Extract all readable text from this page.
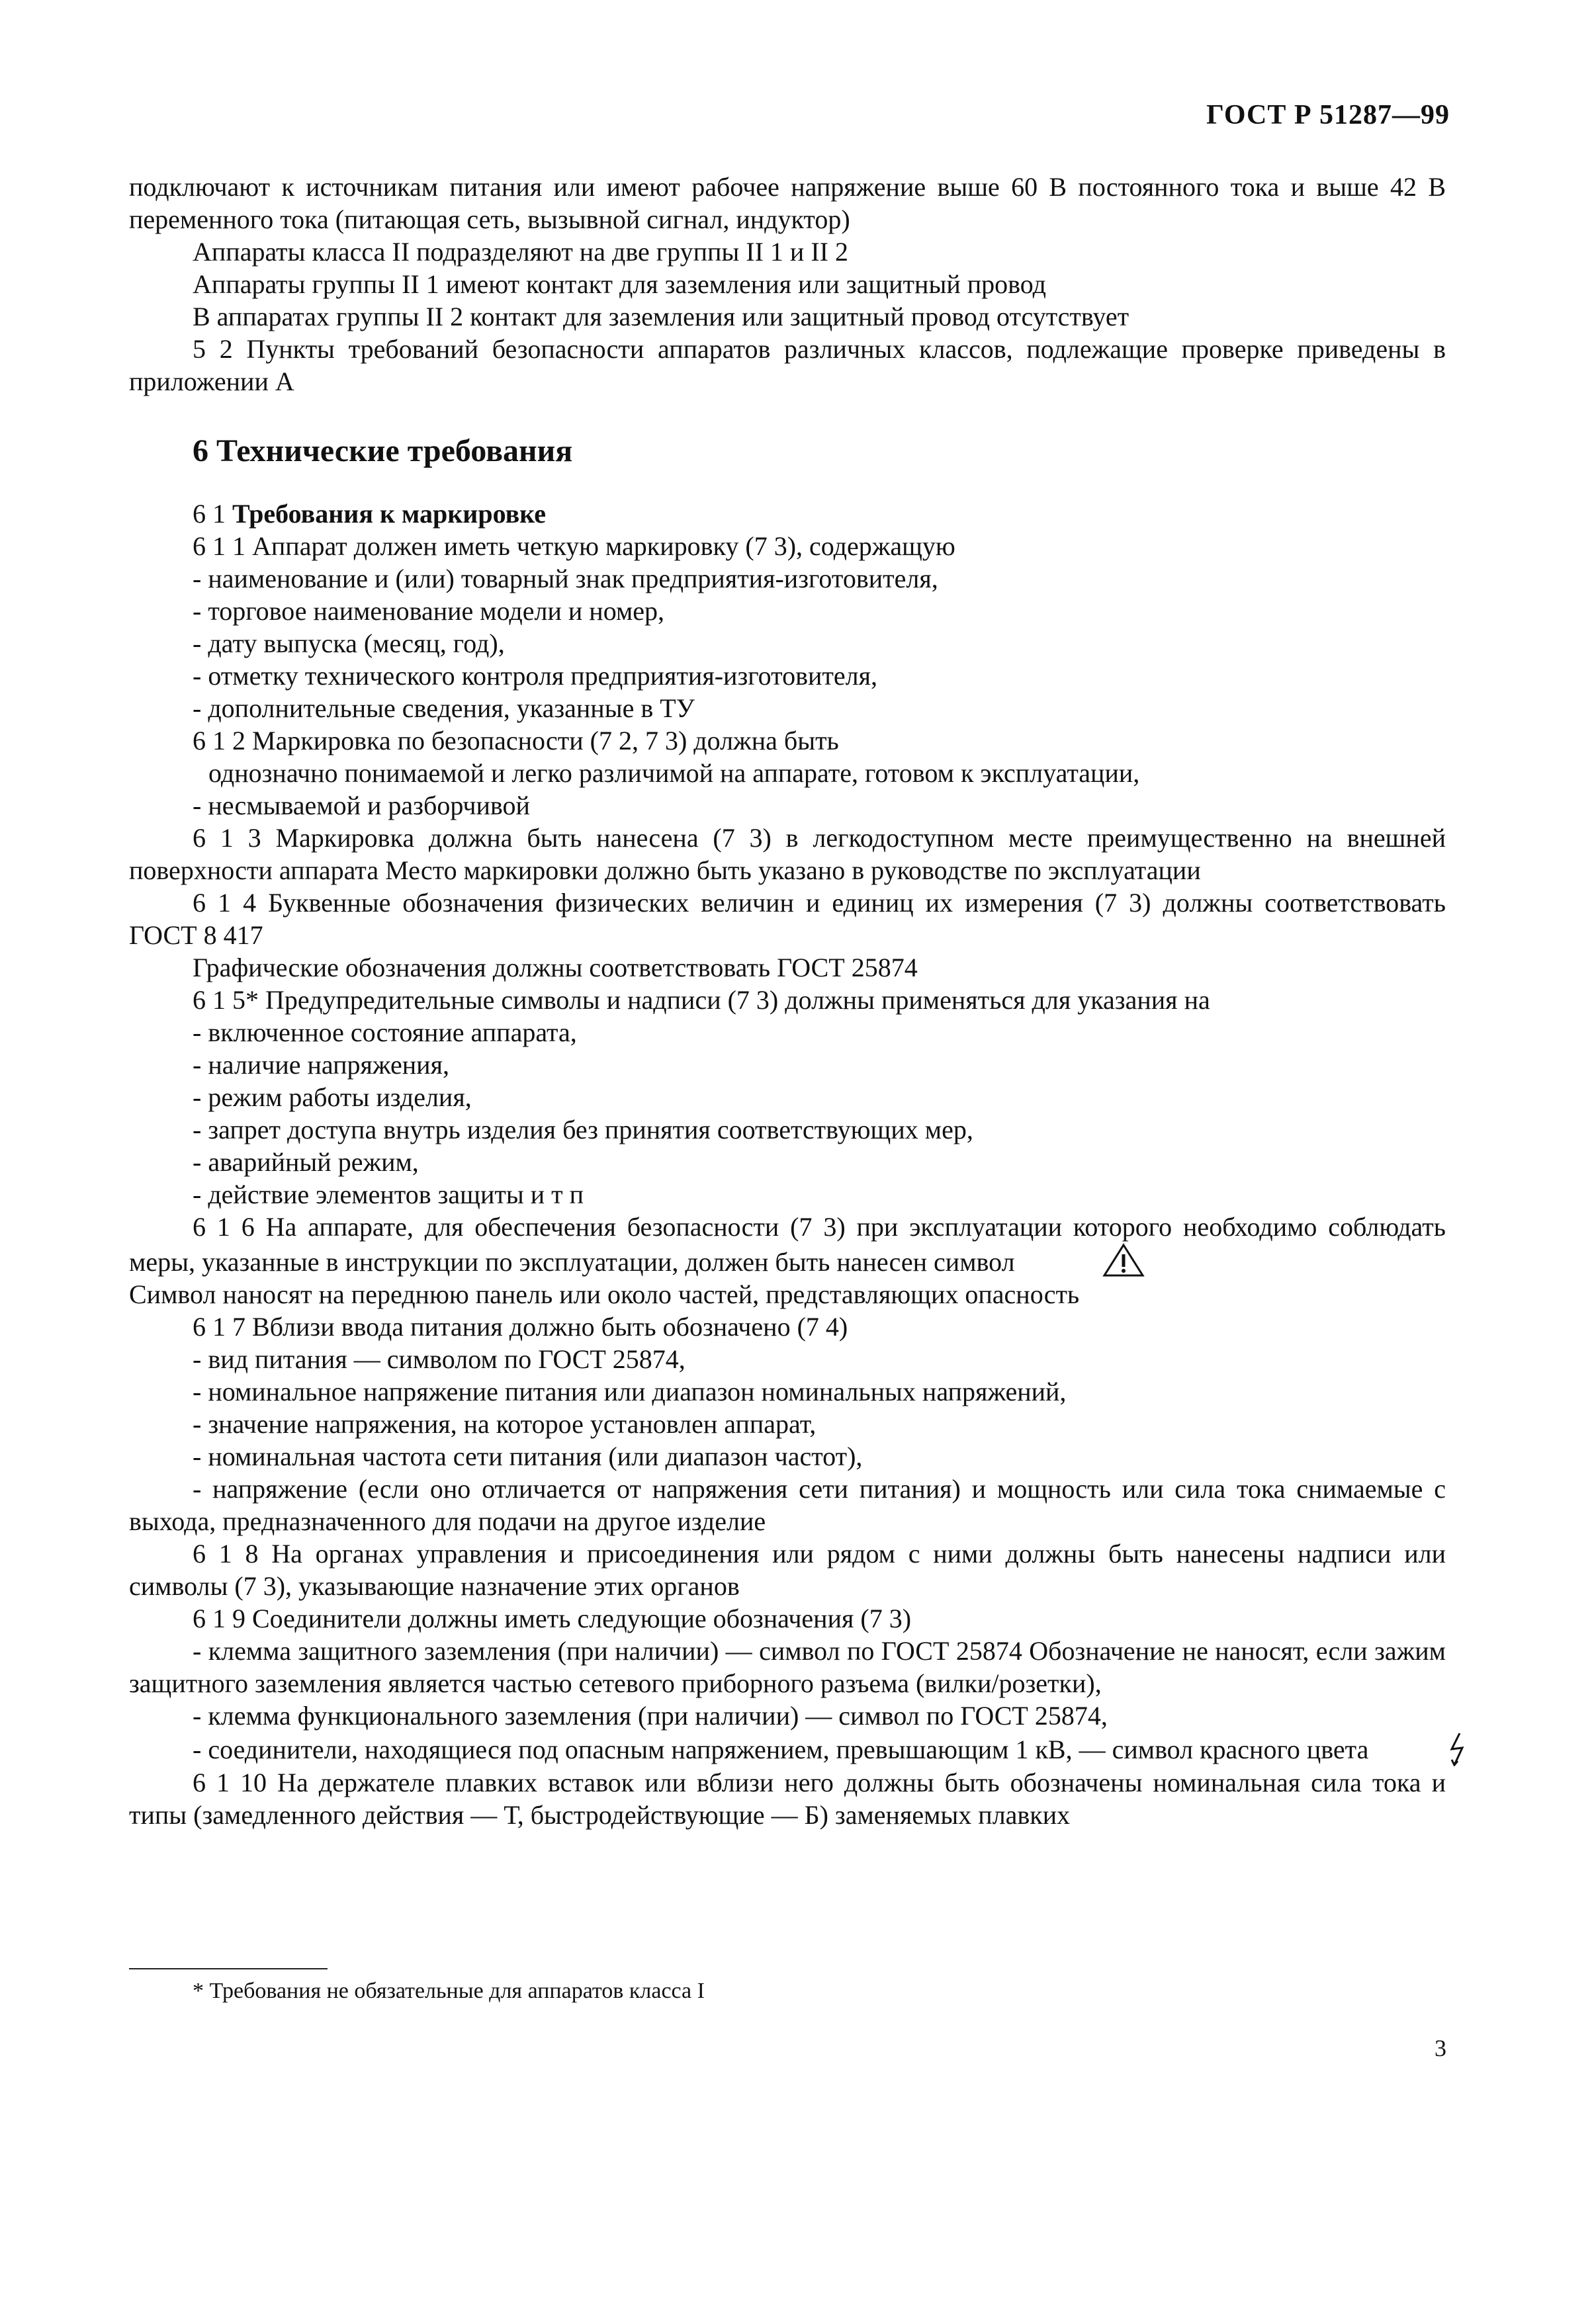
ГОСТ Р 51287—99

подключают к источникам питания или имеют рабочее напряжение выше 60 В постоянного тока и выше 42 В переменного тока (питающая сеть, вызывной сигнал, индуктор)

Аппараты класса II подразделяют на две группы II 1 и II 2

Аппараты группы II 1 имеют контакт для заземления или защитный провод

В аппаратах группы II 2 контакт для заземления или защитный провод отсутствует

5 2 Пункты требований безопасности аппаратов различных классов, подлежащие проверке приведены в приложении А

6 Технические требования

6 1 Требования к маркировке

6 1 1 Аппарат должен иметь четкую маркировку (7 3), содержащую

- наименование и (или) товарный знак предприятия-изготовителя,

- торговое наименование модели и номер,

- дату выпуска (месяц, год),

- отметку технического контроля предприятия-изготовителя,

- дополнительные сведения, указанные в ТУ

6 1 2 Маркировка по безопасности (7 2, 7 3) должна быть

однозначно понимаемой и легко различимой на аппарате, готовом к эксплуатации,

- несмываемой и разборчивой

6 1 3 Маркировка должна быть нанесена (7 3) в легкодоступном месте преимущественно на внешней поверхности аппарата Место маркировки должно быть указано в руководстве по эксплуатации

6 1 4 Буквенные обозначения физических величин и единиц их измерения (7 3) должны соответствовать ГОСТ 8 417

Графические обозначения должны соответствовать ГОСТ 25874

6 1 5* Предупредительные символы и надписи (7 3) должны применяться для указания на

- включенное состояние аппарата,

- наличие напряжения,

- режим работы изделия,

- запрет доступа внутрь изделия без принятия соответствующих мер,

- аварийный режим,

- действие элементов защиты и т п

6 1 6 На аппарате, для обеспечения безопасности (7 3) при эксплуатации которого необходимо соблюдать меры, указанные в инструкции по эксплуатации, должен быть нанесен символ

Символ наносят на переднюю панель или около частей, представляющих опасность

6 1 7 Вблизи ввода питания должно быть обозначено (7 4)

- вид питания — символом по ГОСТ 25874,

- номинальное напряжение питания или диапазон номинальных напряжений,

- значение напряжения, на которое установлен аппарат,

- номинальная частота сети питания (или диапазон частот),

- напряжение (если оно отличается от напряжения сети питания) и мощность или сила тока снимаемые с выхода, предназначенного для подачи на другое изделие

6 1 8 На органах управления и присоединения или рядом с ними должны быть нанесены надписи или символы (7 3), указывающие назначение этих органов

6 1 9 Соединители должны иметь следующие обозначения (7 3)

- клемма защитного заземления (при наличии) — символ по ГОСТ 25874 Обозначение не наносят, если зажим защитного заземления является частью сетевого приборного разъема (вилки/розетки),

- клемма функционального заземления (при наличии) — символ по ГОСТ 25874,

- соединители, находящиеся под опасным напряжением, превышающим 1 кВ, — символ красного цвета

6 1 10 На держателе плавких вставок или вблизи него должны быть обозначены номинальная сила тока и типы (замедленного действия — Т, быстродействующие — Б) заменяемых плавких

* Требования не обязательные для аппаратов класса I
3
